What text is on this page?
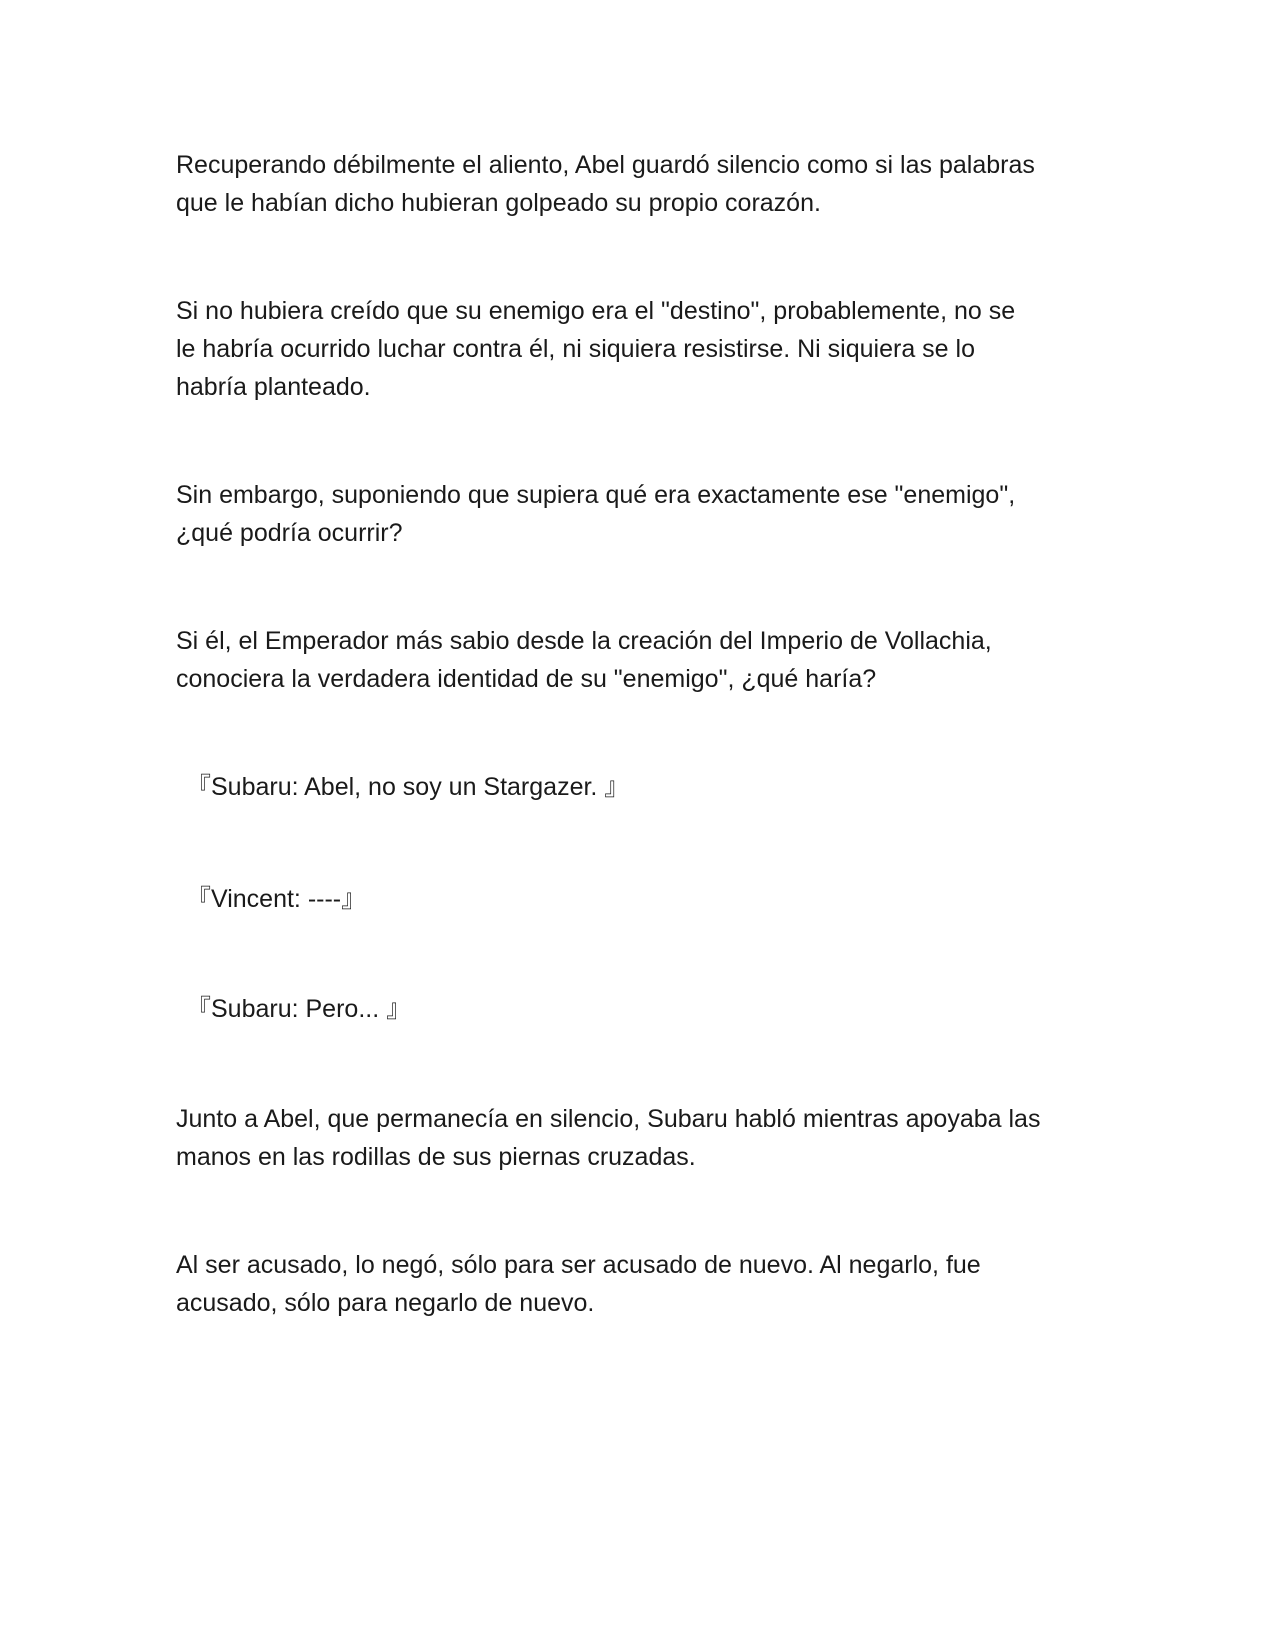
Recuperando débilmente el aliento, Abel guardó silencio como si las palabras
que le habían dicho hubieran golpeado su propio corazón.

Si no hubiera creído que su enemigo era el "destino", probablemente, no se
le habría ocurrido luchar contra él, ni siquiera resistirse. Ni siquiera se lo
habría planteado.

Sin embargo, suponiendo que supiera qué era exactamente ese "enemigo",
¿qué podría ocurrir?

Si él, el Emperador más sabio desde la creación del Imperio de Vollachia,
conociera la verdadera identidad de su "enemigo", ¿qué haría?

『Subaru: Abel, no soy un Stargazer. 』

『Vincent: ----』

『Subaru: Pero... 』

Junto a Abel, que permanecía en silencio, Subaru habló mientras apoyaba las
manos en las rodillas de sus piernas cruzadas.

Al ser acusado, lo negó, sólo para ser acusado de nuevo. Al negarlo, fue
acusado, sólo para negarlo de nuevo.
